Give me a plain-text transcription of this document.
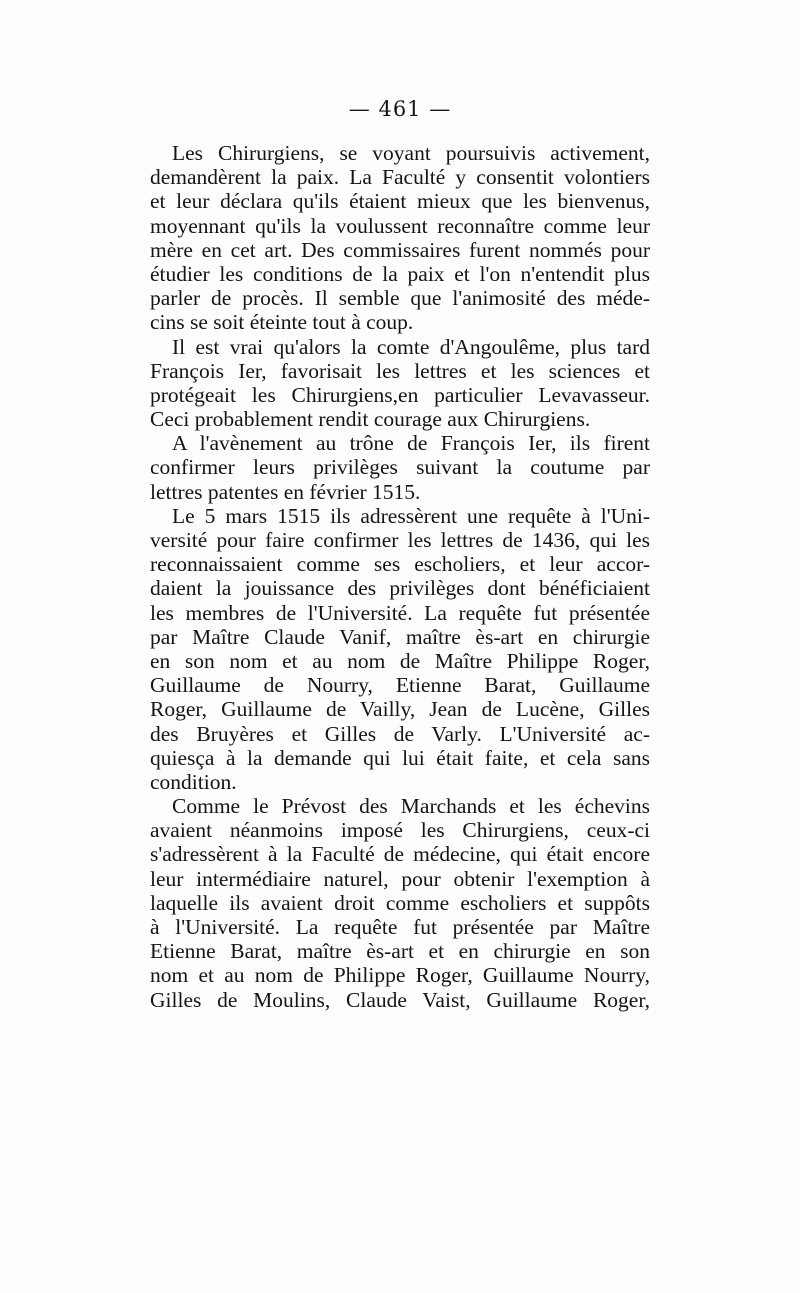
— 461 —
Les Chirurgiens, se voyant poursuivis activement,
demandèrent la paix. La Faculté y consentit volontiers
et leur déclara qu'ils étaient mieux que les bienvenus,
moyennant qu'ils la voulussent reconnaître comme leur
mère en cet art. Des commissaires furent nommés pour
étudier les conditions de la paix et l'on n'entendit plus
parler de procès. Il semble que l'animosité des méde-
cins se soit éteinte tout à coup.
Il est vrai qu'alors la comte d'Angoulême, plus tard
François Ier, favorisait les lettres et les sciences et
protégeait les Chirurgiens,en particulier Levavasseur.
Ceci probablement rendit courage aux Chirurgiens.
A l'avènement au trône de François Ier, ils firent
confirmer leurs privilèges suivant la coutume par
lettres patentes en février 1515.
Le 5 mars 1515 ils adressèrent une requête à l'Uni-
versité pour faire confirmer les lettres de 1436, qui les
reconnaissaient comme ses escholiers, et leur accor-
daient la jouissance des privilèges dont bénéficiaient
les membres de l'Université. La requête fut présentée
par Maître Claude Vanif, maître ès-art en chirurgie
en son nom et au nom de Maître Philippe Roger,
Guillaume de Nourry, Etienne Barat, Guillaume
Roger, Guillaume de Vailly, Jean de Lucène, Gilles
des Bruyères et Gilles de Varly. L'Université ac-
quiesça à la demande qui lui était faite, et cela sans
condition.
Comme le Prévost des Marchands et les échevins
avaient néanmoins imposé les Chirurgiens, ceux-ci
s'adressèrent à la Faculté de médecine, qui était encore
leur intermédiaire naturel, pour obtenir l'exemption à
laquelle ils avaient droit comme escholiers et suppôts
à l'Université. La requête fut présentée par Maître
Etienne Barat, maître ès-art et en chirurgie en son
nom et au nom de Philippe Roger, Guillaume Nourry,
Gilles de Moulins, Claude Vaist, Guillaume Roger,
